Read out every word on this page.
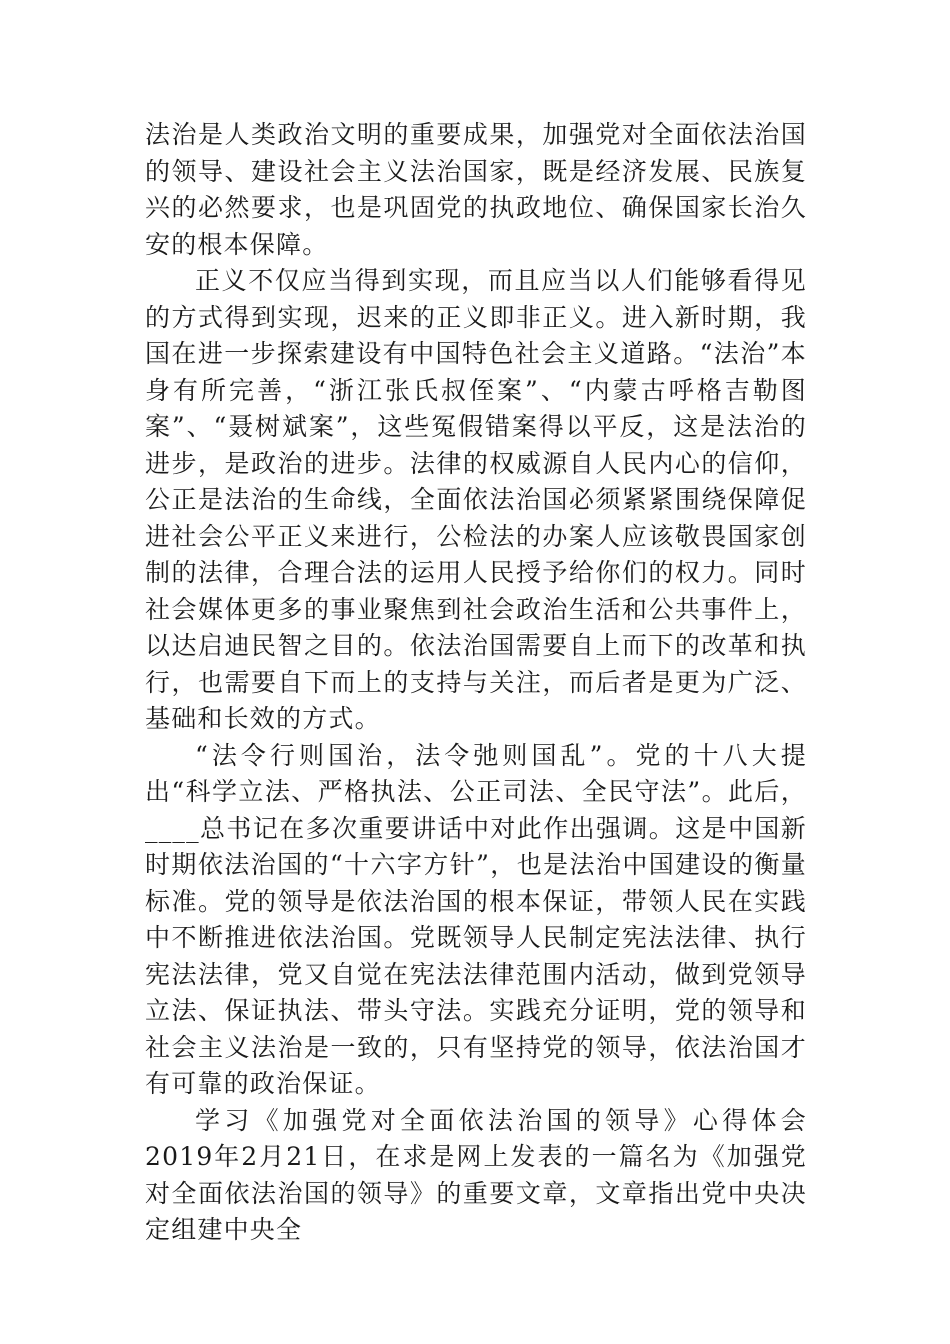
法治是人类政治文明的重要成果，加强党对全面依法治国的领导、建设社会主义法治国家，既是经济发展、民族复兴的必然要求，也是巩固党的执政地位、确保国家长治久安的根本保障。

正义不仅应当得到实现，而且应当以人们能够看得见的方式得到实现，迟来的正义即非正义。进入新时期，我国在进一步探索建设有中国特色社会主义道路。“法治”本身有所完善，“浙江张氏叔侄案”、“内蒙古呼格吉勒图案”、“聂树斌案”，这些冤假错案得以平反，这是法治的进步，是政治的进步。法律的权威源自人民内心的信仰，公正是法治的生命线，全面依法治国必须紧紧围绕保障促进社会公平正义来进行，公检法的办案人应该敬畏国家创制的法律，合理合法的运用人民授予给你们的权力。同时社会媒体更多的事业聚焦到社会政治生活和公共事件上，以达启迪民智之目的。依法治国需要自上而下的改革和执行，也需要自下而上的支持与关注，而后者是更为广泛、基础和长效的方式。

“法令行则国治，法令弛则国乱”。党的十八大提出“科学立法、严格执法、公正司法、全民守法”。此后，____总书记在多次重要讲话中对此作出强调。这是中国新时期依法治国的“十六字方针”，也是法治中国建设的衡量标准。党的领导是依法治国的根本保证，带领人民在实践中不断推进依法治国。党既领导人民制定宪法法律、执行宪法法律，党又自觉在宪法法律范围内活动，做到党领导立法、保证执法、带头守法。实践充分证明，党的领导和社会主义法治是一致的，只有坚持党的领导，依法治国才有可靠的政治保证。

学习《加强党对全面依法治国的领导》心得体会2019年2月21日，在求是网上发表的一篇名为《加强党对全面依法治国的领导》的重要文章，文章指出党中央决定组建中央全
